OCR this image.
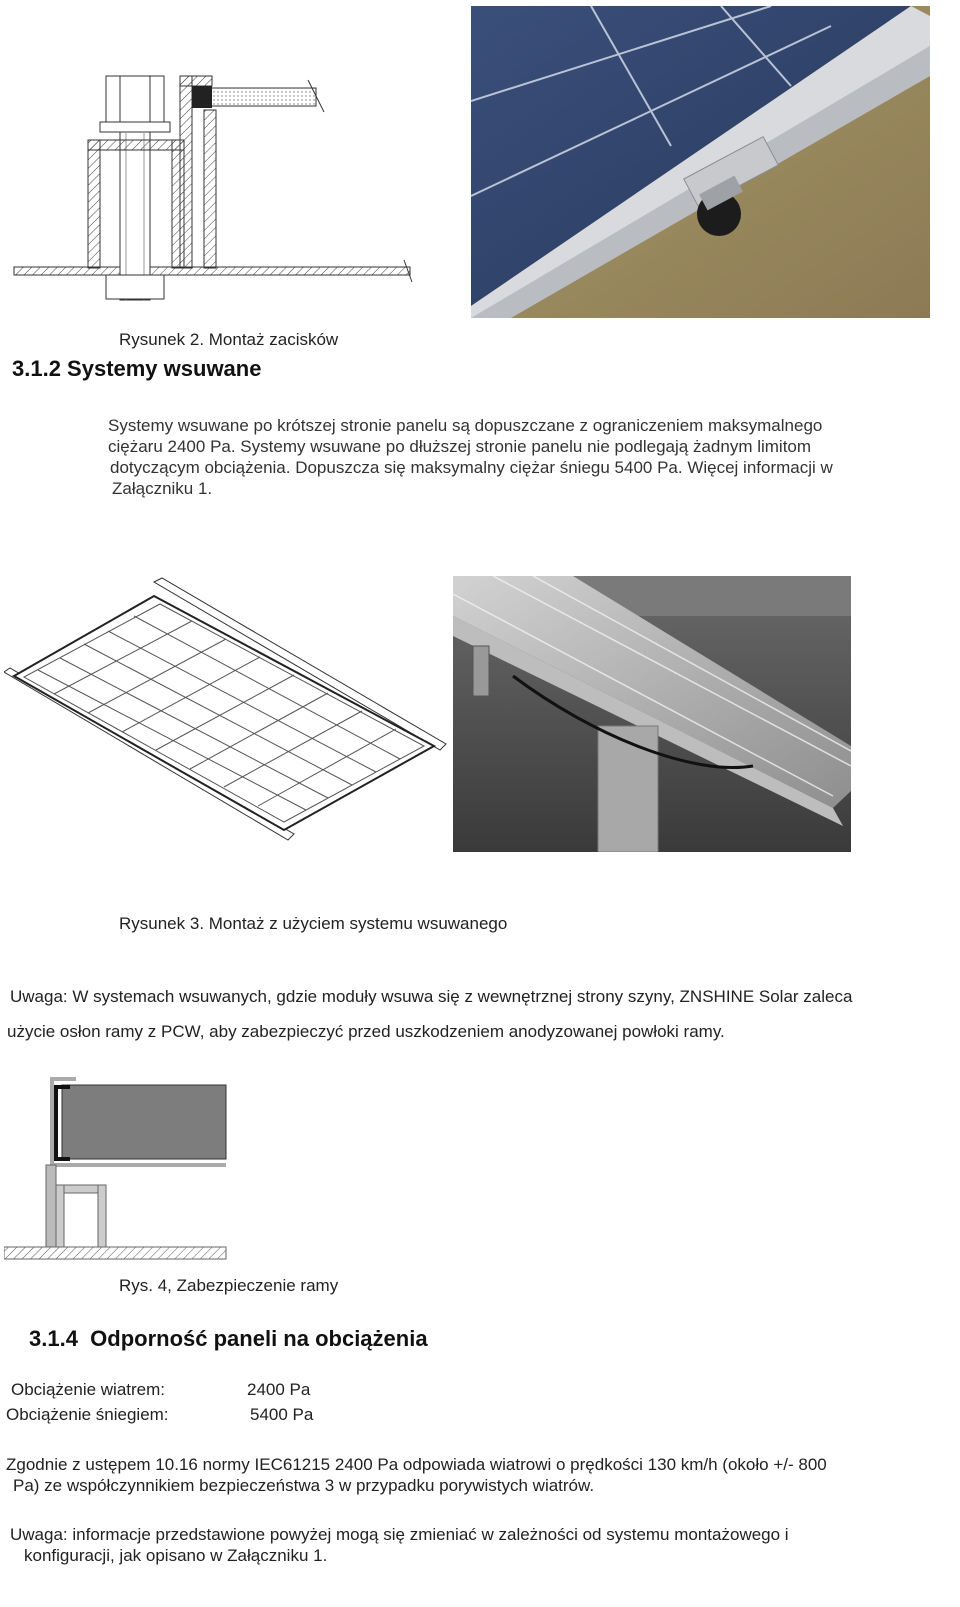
Rysunek 2. Montaż zacisków
3.1.2 Systemy wsuwane
Systemy wsuwane po krótszej stronie panelu są dopuszczane z ograniczeniem maksymalnego
ciężaru 2400 Pa. Systemy wsuwane po dłuższej stronie panelu nie podlegają żadnym limitom
dotyczącym obciążenia. Dopuszcza się maksymalny ciężar śniegu 5400 Pa. Więcej informacji w
Załączniku 1.
Rysunek 3. Montaż z użyciem systemu wsuwanego
Uwaga: W systemach wsuwanych, gdzie moduły wsuwa się z wewnętrznej strony szyny, ZNSHINE Solar zaleca
użycie osłon ramy z PCW, aby zabezpieczyć przed uszkodzeniem anodyzowanej powłoki ramy.
Rys. 4, Zabezpieczenie ramy
3.1.4  Odporność paneli na obciążenia
Obciążenie wiatrem:	2400 Pa
Obciążenie śniegiem:	5400 Pa
Zgodnie z ustępem 10.16 normy IEC61215 2400 Pa odpowiada wiatrowi o prędkości 130 km/h (około +/- 800
Pa) ze współczynnikiem bezpieczeństwa 3 w przypadku porywistych wiatrów.
Uwaga: informacje przedstawione powyżej mogą się zmieniać w zależności od systemu montażowego i
konfiguracji, jak opisano w Załączniku 1.
